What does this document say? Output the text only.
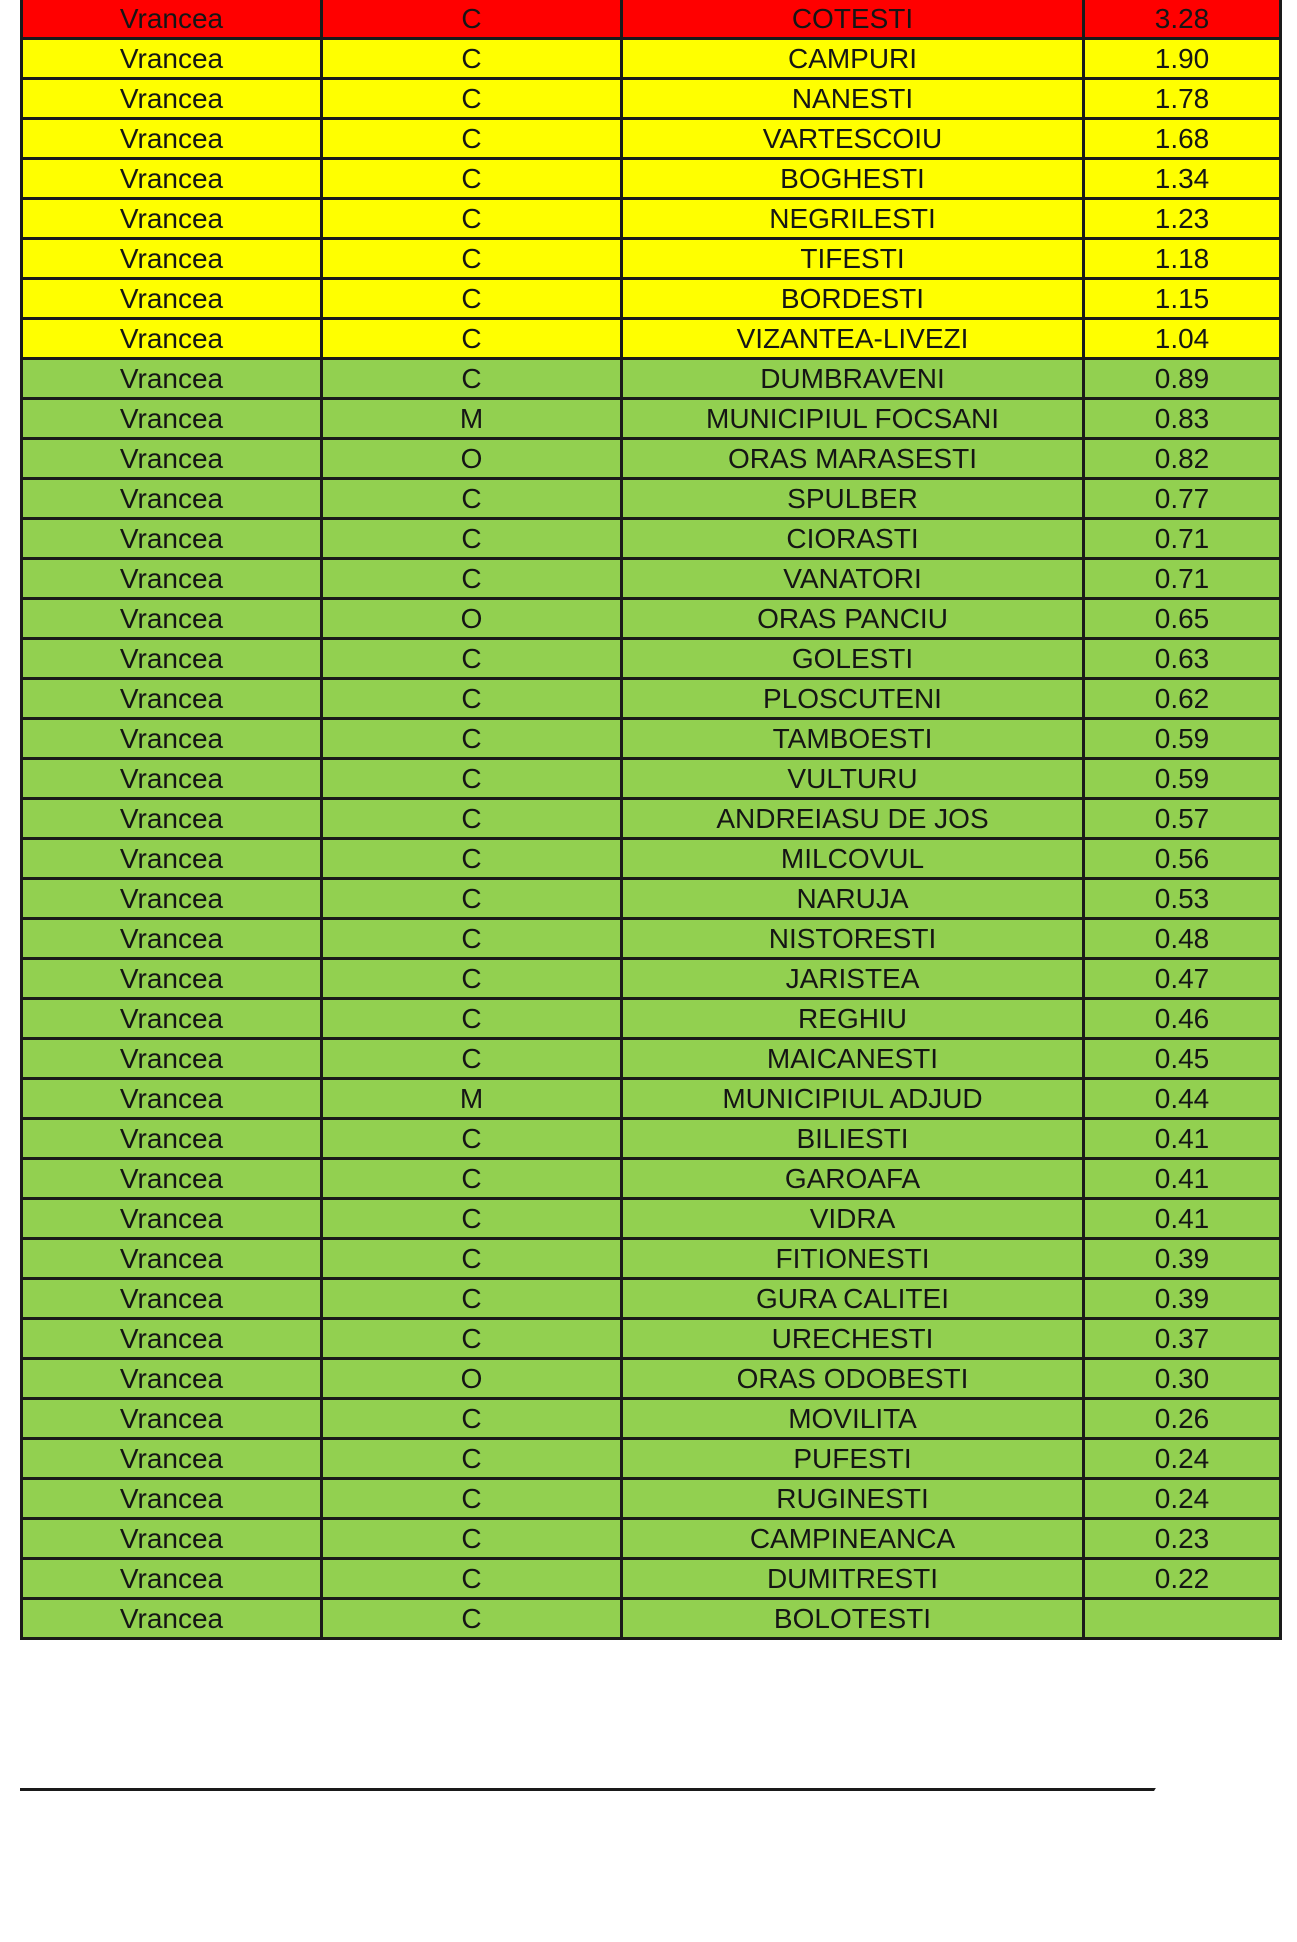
Vrancea	C	COTESTI	3.28
Vrancea	C	CAMPURI	1.90
Vrancea	C	NANESTI	1.78
Vrancea	C	VARTESCOIU	1.68
Vrancea	C	BOGHESTI	1.34
Vrancea	C	NEGRILESTI	1.23
Vrancea	C	TIFESTI	1.18
Vrancea	C	BORDESTI	1.15
Vrancea	C	VIZANTEA-LIVEZI	1.04
Vrancea	C	DUMBRAVENI	0.89
Vrancea	M	MUNICIPIUL FOCSANI	0.83
Vrancea	O	ORAS MARASESTI	0.82
Vrancea	C	SPULBER	0.77
Vrancea	C	CIORASTI	0.71
Vrancea	C	VANATORI	0.71
Vrancea	O	ORAS PANCIU	0.65
Vrancea	C	GOLESTI	0.63
Vrancea	C	PLOSCUTENI	0.62
Vrancea	C	TAMBOESTI	0.59
Vrancea	C	VULTURU	0.59
Vrancea	C	ANDREIASU DE JOS	0.57
Vrancea	C	MILCOVUL	0.56
Vrancea	C	NARUJA	0.53
Vrancea	C	NISTORESTI	0.48
Vrancea	C	JARISTEA	0.47
Vrancea	C	REGHIU	0.46
Vrancea	C	MAICANESTI	0.45
Vrancea	M	MUNICIPIUL ADJUD	0.44
Vrancea	C	BILIESTI	0.41
Vrancea	C	GAROAFA	0.41
Vrancea	C	VIDRA	0.41
Vrancea	C	FITIONESTI	0.39
Vrancea	C	GURA CALITEI	0.39
Vrancea	C	URECHESTI	0.37
Vrancea	O	ORAS ODOBESTI	0.30
Vrancea	C	MOVILITA	0.26
Vrancea	C	PUFESTI	0.24
Vrancea	C	RUGINESTI	0.24
Vrancea	C	CAMPINEANCA	0.23
Vrancea	C	DUMITRESTI	0.22
Vrancea	C	BOLOTESTI	
